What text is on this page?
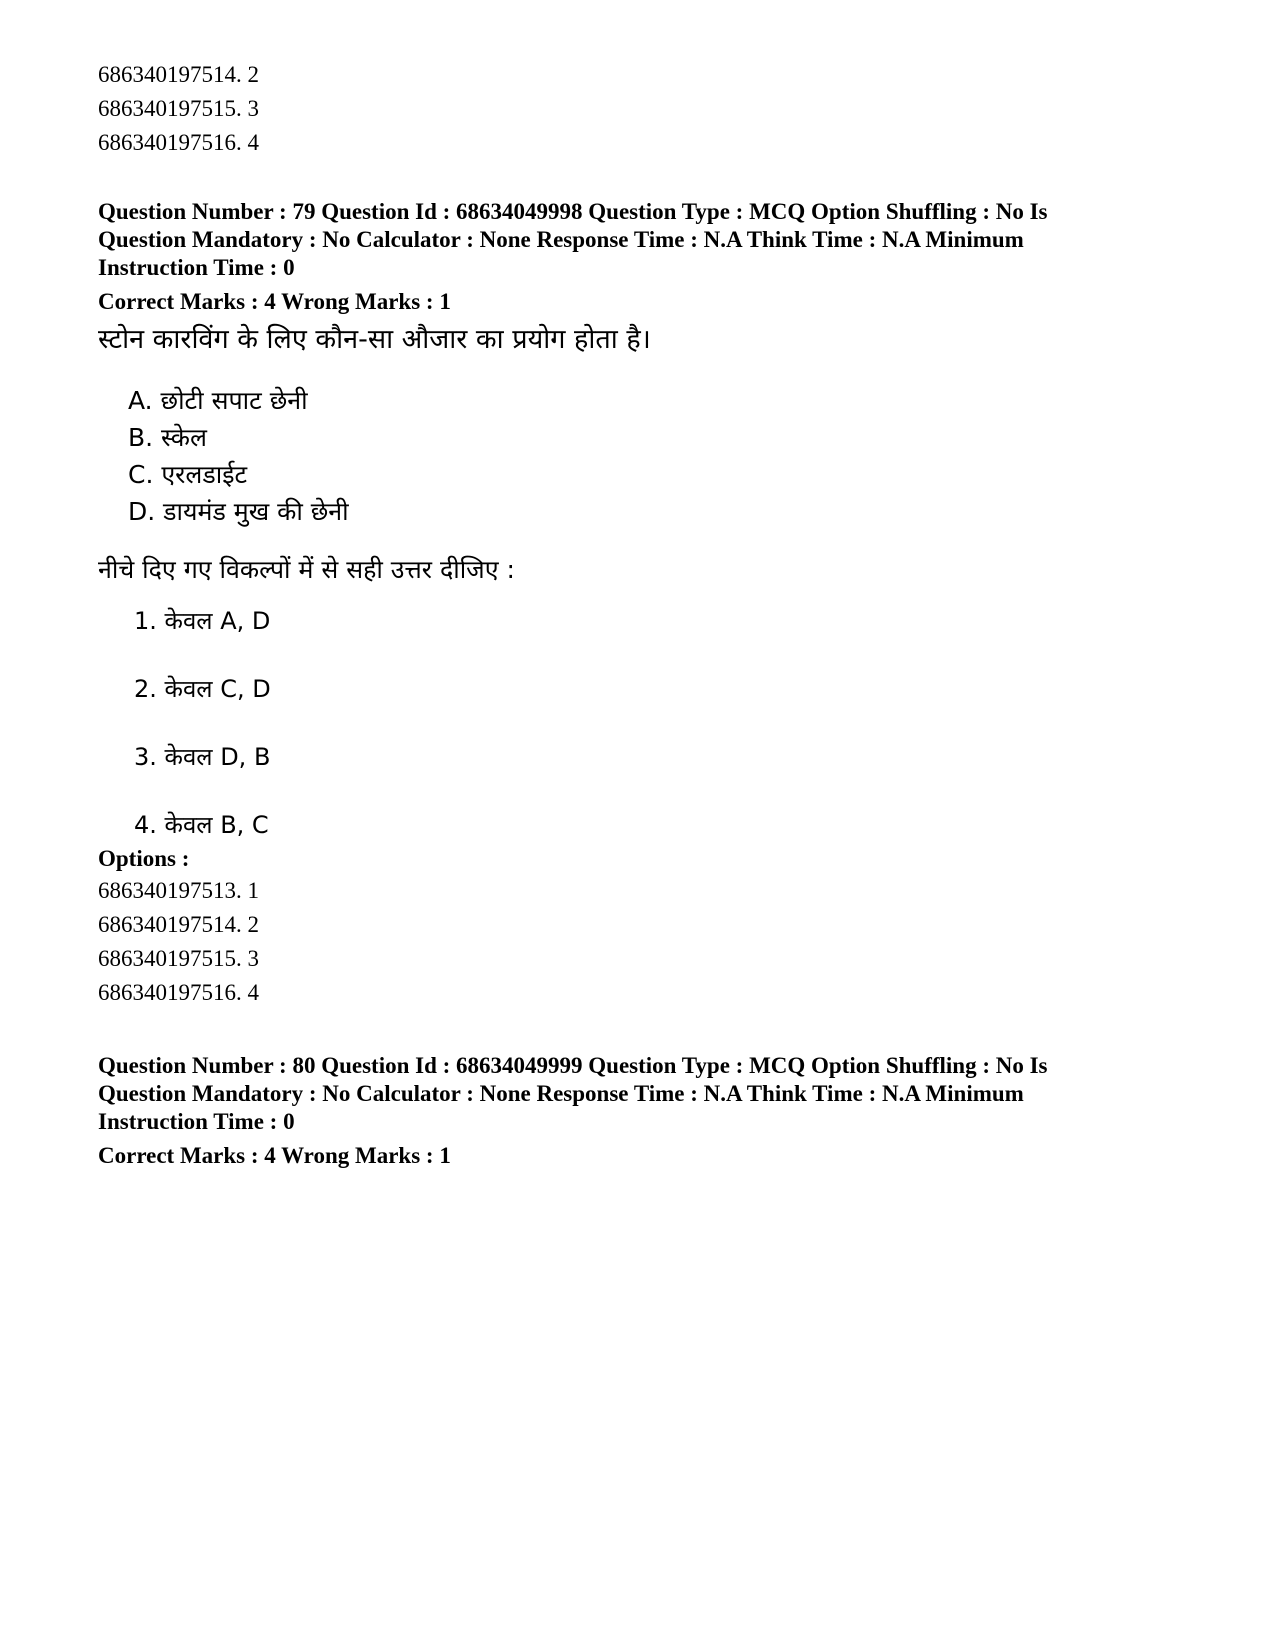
686340197514. 2
686340197515. 3
686340197516. 4
Question Number : 79 Question Id : 68634049998 Question Type : MCQ Option Shuffling : No Is Question Mandatory : No Calculator : None Response Time : N.A Think Time : N.A Minimum Instruction Time : 0
Correct Marks : 4 Wrong Marks : 1
स्टोन कारविंग के लिए कौन-सा औजार का प्रयोग होता है।
A. छोटी सपाट छेनी
B. स्केल
C. एरलडाईट
D. डायमंड मुख की छेनी
नीचे दिए गए विकल्पों में से सही उत्तर दीजिए :
1. केवल A, D
2. केवल C, D
3. केवल D, B
4. केवल B, C
Options :
686340197513. 1
686340197514. 2
686340197515. 3
686340197516. 4
Question Number : 80 Question Id : 68634049999 Question Type : MCQ Option Shuffling : No Is Question Mandatory : No Calculator : None Response Time : N.A Think Time : N.A Minimum Instruction Time : 0
Correct Marks : 4 Wrong Marks : 1
